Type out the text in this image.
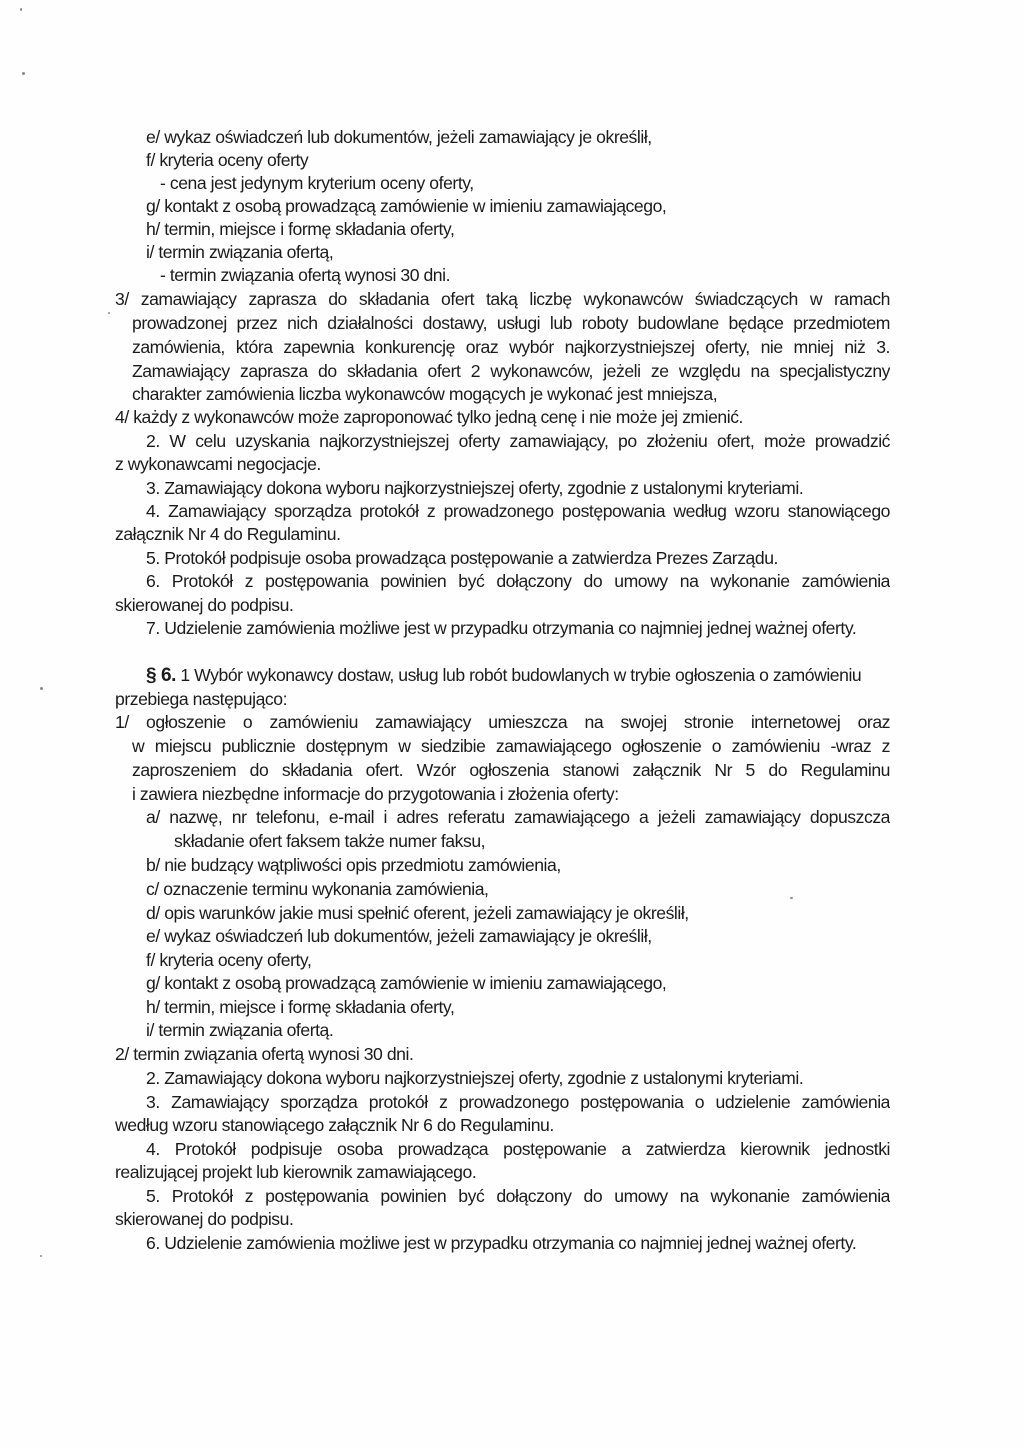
e/ wykaz oświadczeń lub dokumentów, jeżeli zamawiający je określił,
f/ kryteria oceny oferty
- cena jest jedynym kryterium oceny oferty,
g/ kontakt z osobą prowadzącą zamówienie w imieniu zamawiającego,
h/ termin, miejsce i formę składania oferty,
i/ termin związania ofertą,
- termin związania ofertą wynosi 30 dni.
3/ zamawiający zaprasza do składania ofert taką liczbę wykonawców świadczących w ramach
prowadzonej przez nich działalności dostawy, usługi lub roboty budowlane będące przedmiotem
zamówienia, która zapewnia konkurencję oraz wybór najkorzystniejszej oferty, nie mniej niż 3.
Zamawiający zaprasza do składania ofert 2 wykonawców, jeżeli ze względu na specjalistyczny
charakter zamówienia liczba wykonawców mogących je wykonać jest mniejsza,
4/ każdy z wykonawców może zaproponować tylko jedną cenę i nie może jej zmienić.
2. W celu uzyskania najkorzystniejszej oferty zamawiający, po złożeniu ofert, może prowadzić
z wykonawcami negocjacje.
3. Zamawiający dokona wyboru najkorzystniejszej oferty, zgodnie z ustalonymi kryteriami.
4. Zamawiający sporządza protokół z prowadzonego postępowania według wzoru stanowiącego
załącznik Nr 4 do Regulaminu.
5. Protokół podpisuje osoba prowadząca postępowanie a zatwierdza Prezes Zarządu.
6. Protokół z postępowania powinien być dołączony do umowy na wykonanie zamówienia
skierowanej do podpisu.
7. Udzielenie zamówienia możliwe jest w przypadku otrzymania co najmniej jednej ważnej oferty.
§ 6. 1 Wybór wykonawcy dostaw, usług lub robót budowlanych w trybie ogłoszenia o zamówieniu
przebiega następująco:
1/ ogłoszenie o zamówieniu zamawiający umieszcza na swojej stronie internetowej oraz
w miejscu publicznie dostępnym w siedzibie zamawiającego ogłoszenie o zamówieniu -wraz z
zaproszeniem do składania ofert. Wzór ogłoszenia stanowi załącznik Nr 5 do Regulaminu
i zawiera niezbędne informacje do przygotowania i złożenia oferty:
a/ nazwę, nr telefonu, e-mail i adres referatu zamawiającego a jeżeli zamawiający dopuszcza
składanie ofert faksem także numer faksu,
b/ nie budzący wątpliwości opis przedmiotu zamówienia,
c/ oznaczenie terminu wykonania zamówienia,
d/ opis warunków jakie musi spełnić oferent, jeżeli zamawiający je określił,
e/ wykaz oświadczeń lub dokumentów, jeżeli zamawiający je określił,
f/ kryteria oceny oferty,
g/ kontakt z osobą prowadzącą zamówienie w imieniu zamawiającego,
h/ termin, miejsce i formę składania oferty,
i/ termin związania ofertą.
2/ termin związania ofertą wynosi 30 dni.
2. Zamawiający dokona wyboru najkorzystniejszej oferty, zgodnie z ustalonymi kryteriami.
3. Zamawiający sporządza protokół z prowadzonego postępowania o udzielenie zamówienia
według wzoru stanowiącego załącznik Nr 6 do Regulaminu.
4. Protokół podpisuje osoba prowadząca postępowanie a zatwierdza kierownik jednostki
realizującej projekt lub kierownik zamawiającego.
5. Protokół z postępowania powinien być dołączony do umowy na wykonanie zamówienia
skierowanej do podpisu.
6. Udzielenie zamówienia możliwe jest w przypadku otrzymania co najmniej jednej ważnej oferty.
